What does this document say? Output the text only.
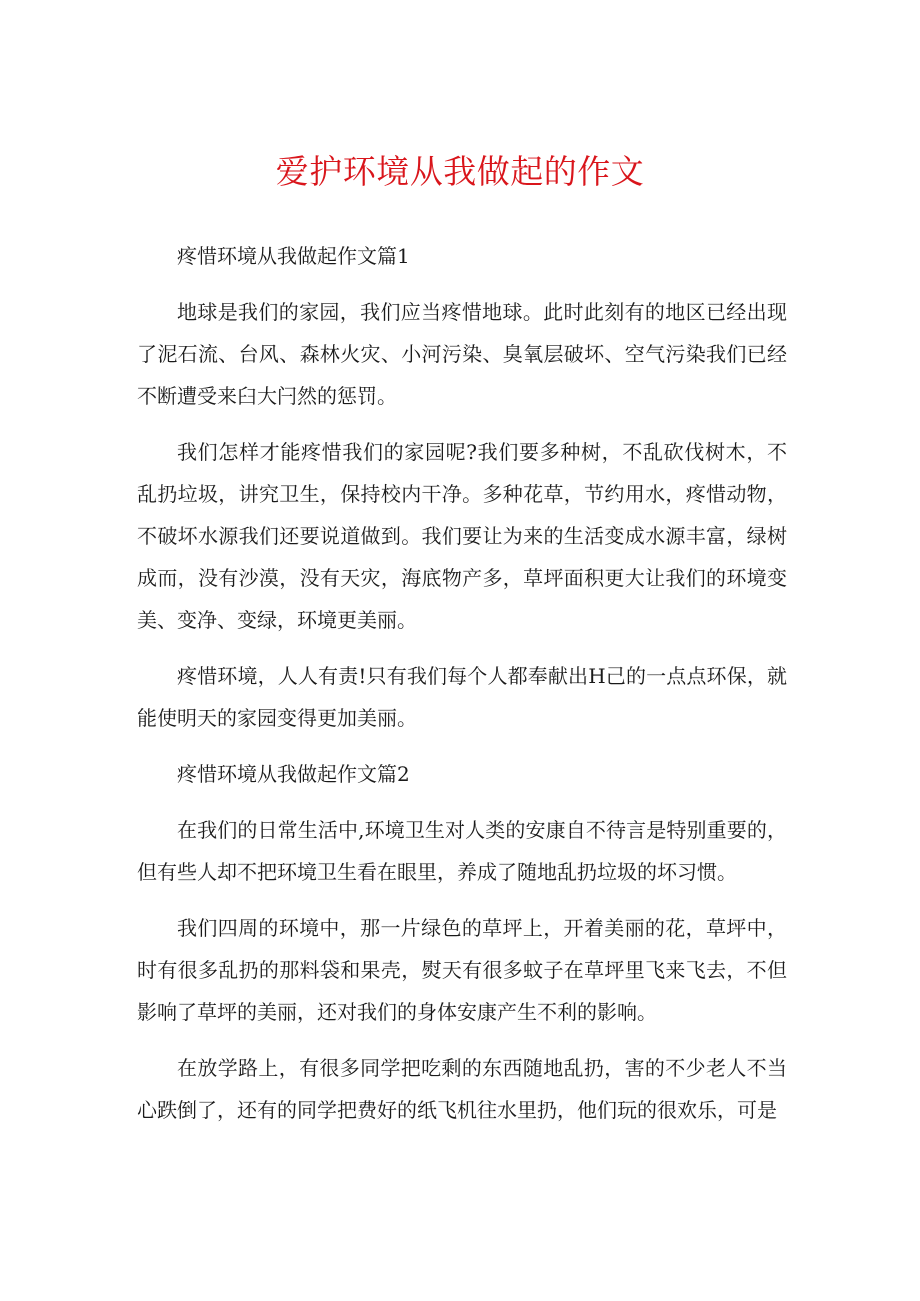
爱护环境从我做起的作文

疼惜环境从我做起作文篇1

地球是我们的家园，我们应当疼惜地球。此时此刻有的地区已经出现了泥石流、台风、森林火灾、小河污染、臭氧层破坏、空气污染我们已经不断遭受来臼大闩然的惩罚。

我们怎样才能疼惜我们的家园呢?我们要多种树，不乱砍伐树木，不乱扔垃圾，讲究卫生，保持校内干净。多种花草，节约用水，疼惜动物，不破坏水源我们还要说道做到。我们要让为来的生活变成水源丰富，绿树成而，没有沙漠，没有天灾，海底物产多，草坪面积更大让我们的环境变美、变净、变绿，环境更美丽。

疼惜环境，人人有责!只有我们每个人都奉献出H己的一点点环保，就能使明天的家园变得更加美丽。

疼惜环境从我做起作文篇2

在我们的日常生活中,环境卫生对人类的安康自不待言是特别重要的，但有些人却不把环境卫生看在眼里，养成了随地乱扔垃圾的坏习惯。

我们四周的环境中，那一片绿色的草坪上，开着美丽的花，草坪中，时有很多乱扔的那料袋和果壳，熨天有很多蚊子在草坪里飞来飞去，不但影响了草坪的美丽，还对我们的身体安康产生不利的影响。

在放学路上，有很多同学把吃剩的东西随地乱扔，害的不少老人不当心跌倒了，还有的同学把费好的纸飞机往水里扔，他们玩的很欢乐，可是
